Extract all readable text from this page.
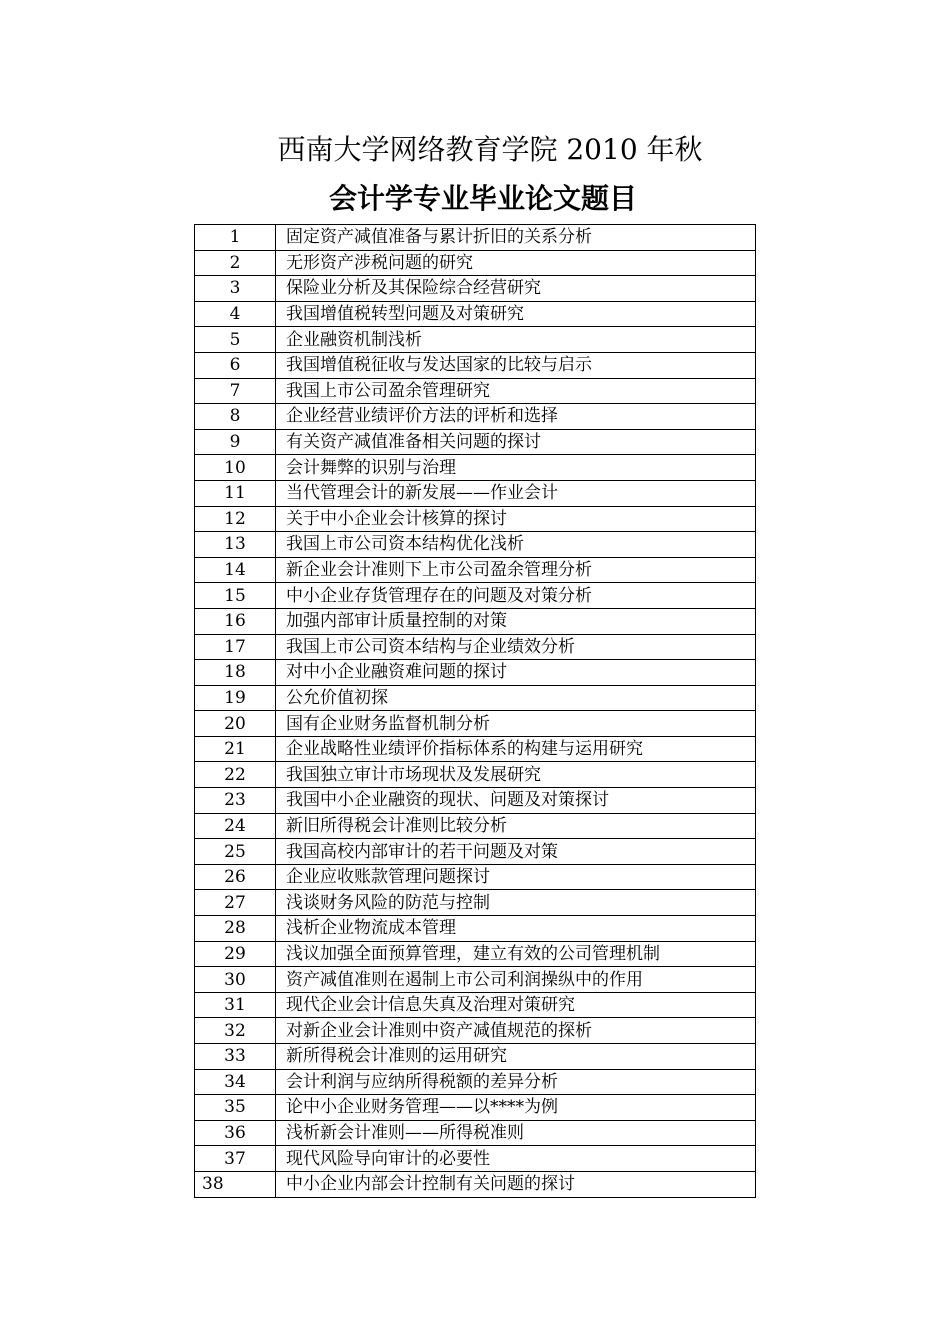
西南大学网络教育学院 2010 年秋
会计学专业毕业论文题目
1	固定资产减值准备与累计折旧的关系分析
2	无形资产涉税问题的研究
3	保险业分析及其保险综合经营研究
4	我国增值税转型问题及对策研究
5	企业融资机制浅析
6	我国增值税征收与发达国家的比较与启示
7	我国上市公司盈余管理研究
8	企业经营业绩评价方法的评析和选择
9	有关资产减值准备相关问题的探讨
10	会计舞弊的识别与治理
11	当代管理会计的新发展——作业会计
12	关于中小企业会计核算的探讨
13	我国上市公司资本结构优化浅析
14	新企业会计准则下上市公司盈余管理分析
15	中小企业存货管理存在的问题及对策分析
16	加强内部审计质量控制的对策
17	我国上市公司资本结构与企业绩效分析
18	对中小企业融资难问题的探讨
19	公允价值初探
20	国有企业财务监督机制分析
21	企业战略性业绩评价指标体系的构建与运用研究
22	我国独立审计市场现状及发展研究
23	我国中小企业融资的现状、问题及对策探讨
24	新旧所得税会计准则比较分析
25	我国高校内部审计的若干问题及对策
26	企业应收账款管理问题探讨
27	浅谈财务风险的防范与控制
28	浅析企业物流成本管理
29	浅议加强全面预算管理，建立有效的公司管理机制
30	资产减值准则在遏制上市公司利润操纵中的作用
31	现代企业会计信息失真及治理对策研究
32	对新企业会计准则中资产减值规范的探析
33	新所得税会计准则的运用研究
34	会计利润与应纳所得税额的差异分析
35	论中小企业财务管理——以****为例
36	浅析新会计准则——所得税准则
37	现代风险导向审计的必要性
38	中小企业内部会计控制有关问题的探讨
